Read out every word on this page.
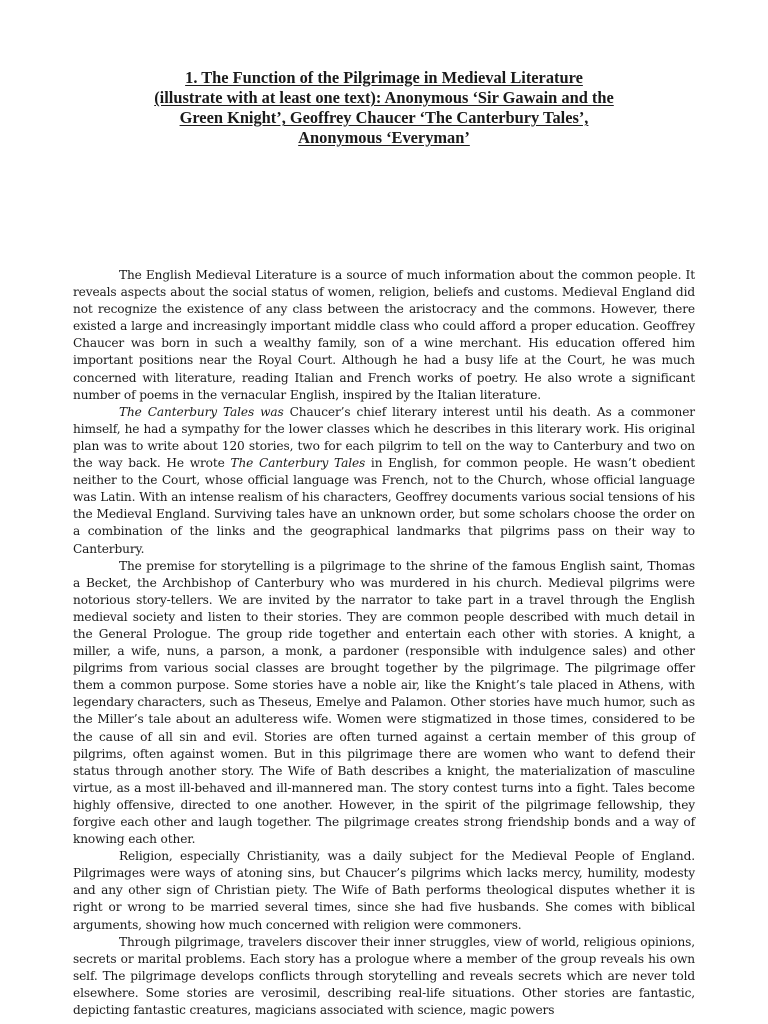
1. The Function of the Pilgrimage in Medieval Literature
(illustrate with at least one text): Anonymous ‘Sir Gawain and the
Green Knight’, Geoffrey Chaucer ‘The Canterbury Tales’,
Anonymous ‘Everyman’

The English Medieval Literature is a source of much information about the common people. It reveals aspects about the social status of women, religion, beliefs and customs. Medieval England did not recognize the existence of any class between the aristocracy and the commons. However, there existed a large and increasingly important middle class who could afford a proper education. Geoffrey Chaucer was born in such a wealthy family, son of a wine merchant. His education offered him important positions near the Royal Court. Although he had a busy life at the Court, he was much concerned with literature, reading Italian and French works of poetry. He also wrote a significant number of poems in the vernacular English, inspired by the Italian literature.

The Canterbury Tales was Chaucer’s chief literary interest until his death. As a commoner himself, he had a sympathy for the lower classes which he describes in this literary work. His original plan was to write about 120 stories, two for each pilgrim to tell on the way to Canterbury and two on the way back. He wrote The Canterbury Tales in English, for common people. He wasn’t obedient neither to the Court, whose official language was French, not to the Church, whose official language was Latin. With an intense realism of his characters, Geoffrey documents various social tensions of his the Medieval England. Surviving tales have an unknown order, but some scholars choose the order on a combination of the links and the geographical landmarks that pilgrims pass on their way to Canterbury.

The premise for storytelling is a pilgrimage to the shrine of the famous English saint, Thomas a Becket, the Archbishop of Canterbury who was murdered in his church. Medieval pilgrims were notorious story-tellers. We are invited by the narrator to take part in a travel through the English medieval society and listen to their stories. They are common people described with much detail in the General Prologue. The group ride together and entertain each other with stories. A knight, a miller, a wife, nuns, a parson, a monk, a pardoner (responsible with indulgence sales) and other pilgrims from various social classes are brought together by the pilgrimage. The pilgrimage offer them a common purpose. Some stories have a noble air, like the Knight’s tale placed in Athens, with legendary characters, such as Theseus, Emelye and Palamon. Other stories have much humor, such as the Miller’s tale about an adulteress wife. Women were stigmatized in those times, considered to be the cause of all sin and evil. Stories are often turned against a certain member of this group of pilgrims, often against women. But in this pilgrimage there are women who want to defend their status through another story. The Wife of Bath describes a knight, the materialization of masculine virtue, as a most ill-behaved and ill-mannered man. The story contest turns into a fight. Tales become highly offensive, directed to one another. However, in the spirit of the pilgrimage fellowship, they forgive each other and laugh together. The pilgrimage creates strong friendship bonds and a way of knowing each other.

Religion, especially Christianity, was a daily subject for the Medieval People of England. Pilgrimages were ways of atoning sins, but Chaucer’s pilgrims which lacks mercy, humility, modesty and any other sign of Christian piety. The Wife of Bath performs theological disputes whether it is right or wrong to be married several times, since she had five husbands. She comes with biblical arguments, showing how much concerned with religion were commoners.

Through pilgrimage, travelers discover their inner struggles, view of world, religious opinions, secrets or marital problems. Each story has a prologue where a member of the group reveals his own self. The pilgrimage develops conflicts through storytelling and reveals secrets which are never told elsewhere. Some stories are verosimil, describing real-life situations. Other stories are fantastic, depicting fantastic creatures, magicians associated with science, magic powers
